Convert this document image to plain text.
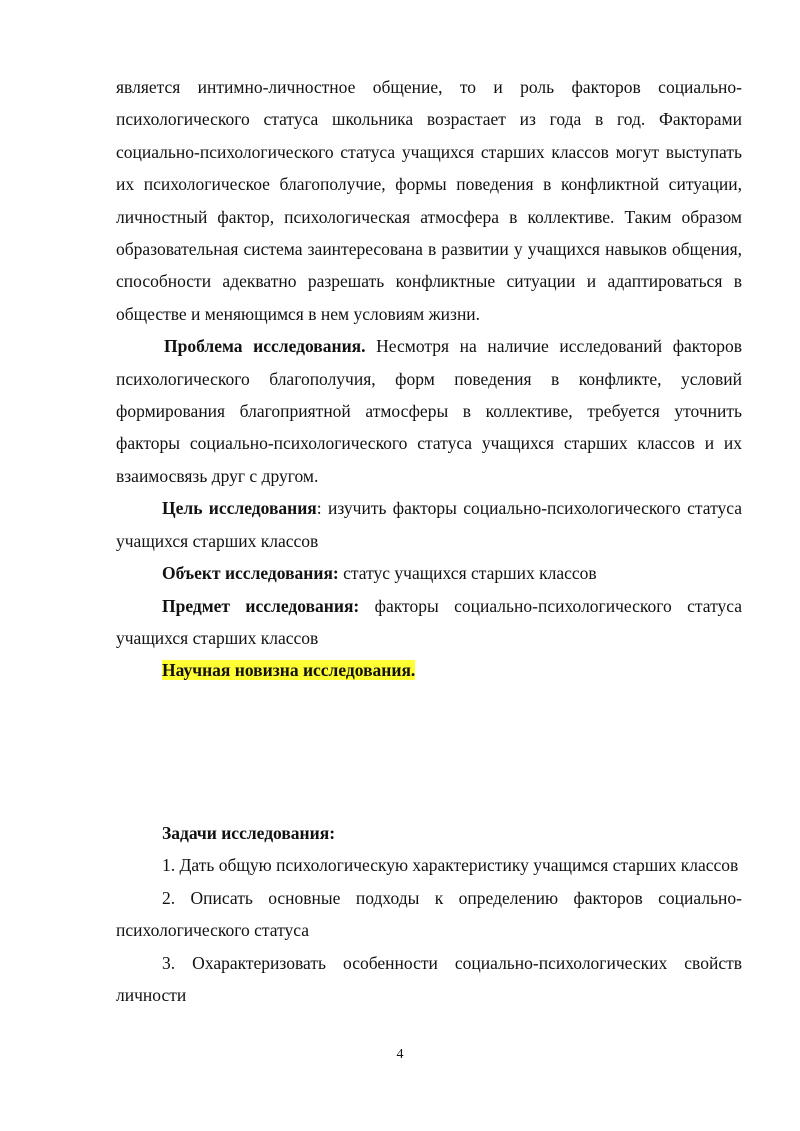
является интимно-личностное общение, то и роль факторов социально-психологического статуса школьника возрастает из года в год. Факторами социально-психологического статуса учащихся старших классов могут выступать их психологическое благополучие, формы поведения в конфликтной ситуации, личностный фактор, психологическая атмосфера в коллективе. Таким образом образовательная система заинтересована в развитии у учащихся навыков общения, способности адекватно разрешать конфликтные ситуации и адаптироваться в обществе и меняющимся в нем условиям жизни.

Проблема исследования. Несмотря на наличие исследований факторов психологического благополучия, форм поведения в конфликте, условий формирования благоприятной атмосферы в коллективе, требуется уточнить факторы социально-психологического статуса учащихся старших классов и их взаимосвязь друг с другом.

Цель исследования: изучить факторы социально-психологического статуса учащихся старших классов

Объект исследования: статус учащихся старших классов

Предмет исследования: факторы социально-психологического статуса учащихся старших классов

Научная новизна исследования.

Задачи исследования:

1. Дать общую психологическую характеристику учащимся старших классов

2. Описать основные подходы к определению факторов социально-психологического статуса

3. Охарактеризовать особенности социально-психологических свойств личности

4
